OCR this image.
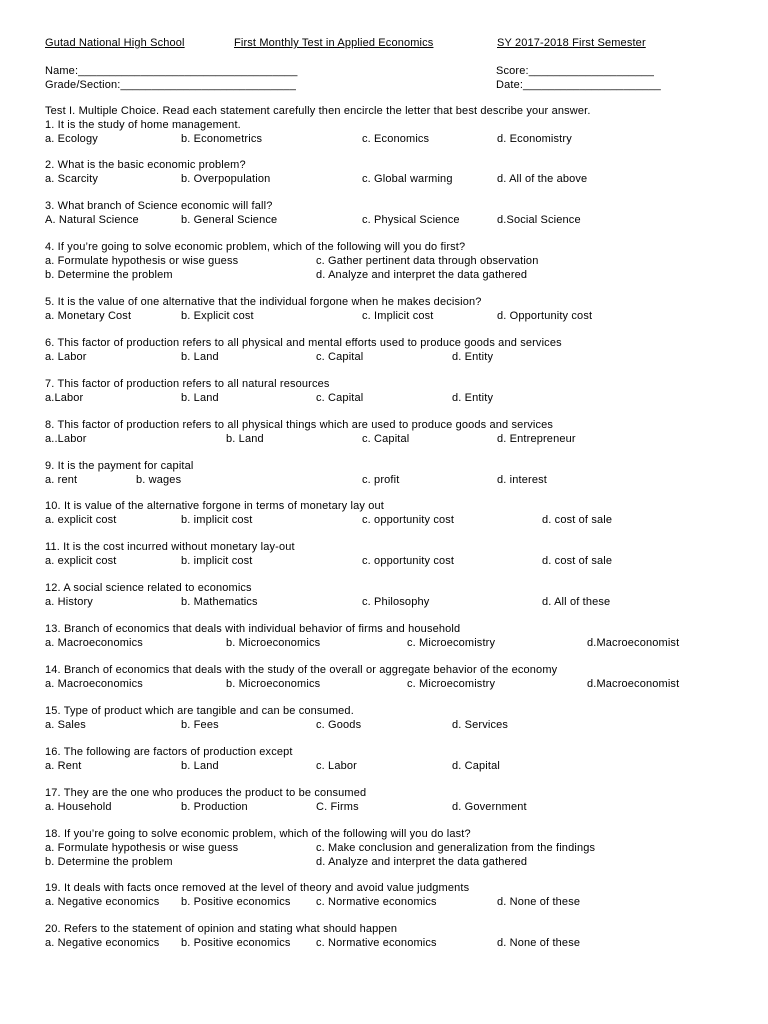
Gutad National High School	First Monthly Test in Applied Economics	SY 2017-2018 First Semester
Name:___________________________________	Score:____________________
Grade/Section:____________________________	Date:______________________
Test I. Multiple Choice. Read each statement carefully then encircle the letter that best describe your answer.
1. It is the study of home management.
a. Ecology	b. Econometrics	c. Economics	d. Economistry
2. What is the basic economic problem?
a. Scarcity	b. Overpopulation	c. Global warming	d. All of the above
3. What branch of Science economic will fall?
A. Natural Science	b. General Science	c. Physical Science	d.Social Science
4. If you’re going to solve economic problem, which of the following will you do first?
a. Formulate hypothesis or wise guess	c. Gather pertinent data through observation
b. Determine the problem	d. Analyze and interpret the data gathered
5. It is the value of one alternative that the individual forgone when he makes decision?
a. Monetary Cost	b. Explicit cost	c. Implicit cost	d. Opportunity cost
6. This factor of production refers to all physical and mental efforts used to produce goods and services
a. Labor	b. Land	c. Capital	d. Entity
7. This factor of production refers to all natural resources
a.Labor	b. Land	c. Capital	d. Entity
8. This factor of production refers to all physical things which are used to produce goods and services
a..Labor	b. Land	c. Capital	d. Entrepreneur
9. It is the payment for capital
a. rent	b. wages	c. profit	d. interest
10. It is value of the alternative forgone in terms of monetary lay out
a. explicit cost	b. implicit cost	c. opportunity cost	d. cost of sale
11. It is the cost incurred without monetary lay-out
a. explicit cost	b. implicit cost	c. opportunity cost	d. cost of sale
12. A social science related to economics
a. History	b. Mathematics	c. Philosophy	d. All of these
13. Branch of economics that deals with individual behavior of firms and household
a. Macroeconomics	b. Microeconomics	c. Microecomistry	d.Macroeconomist
14. Branch of economics that deals with the study of the overall or aggregate behavior of the economy
a. Macroeconomics	b. Microeconomics	c. Microecomistry	d.Macroeconomist
15. Type of product which are tangible and can be consumed.
a. Sales	b. Fees	c. Goods	d. Services
16. The following are factors of production except
a. Rent	b. Land	c. Labor	d. Capital
17. They are the one who produces the product to be consumed
a. Household	b. Production	C. Firms	d. Government
18. If you’re going to solve economic problem, which of the following will you do last?
a. Formulate hypothesis or wise guess	c. Make conclusion and generalization from the findings
b. Determine the problem	d. Analyze and interpret the data gathered
19. It deals with facts once removed at the level of theory and avoid value judgments
a. Negative economics b. Positive economics c. Normative economics	d. None of these
20. Refers to the statement of opinion and stating what should happen
a. Negative economics b. Positive economics c. Normative economics	d. None of these
